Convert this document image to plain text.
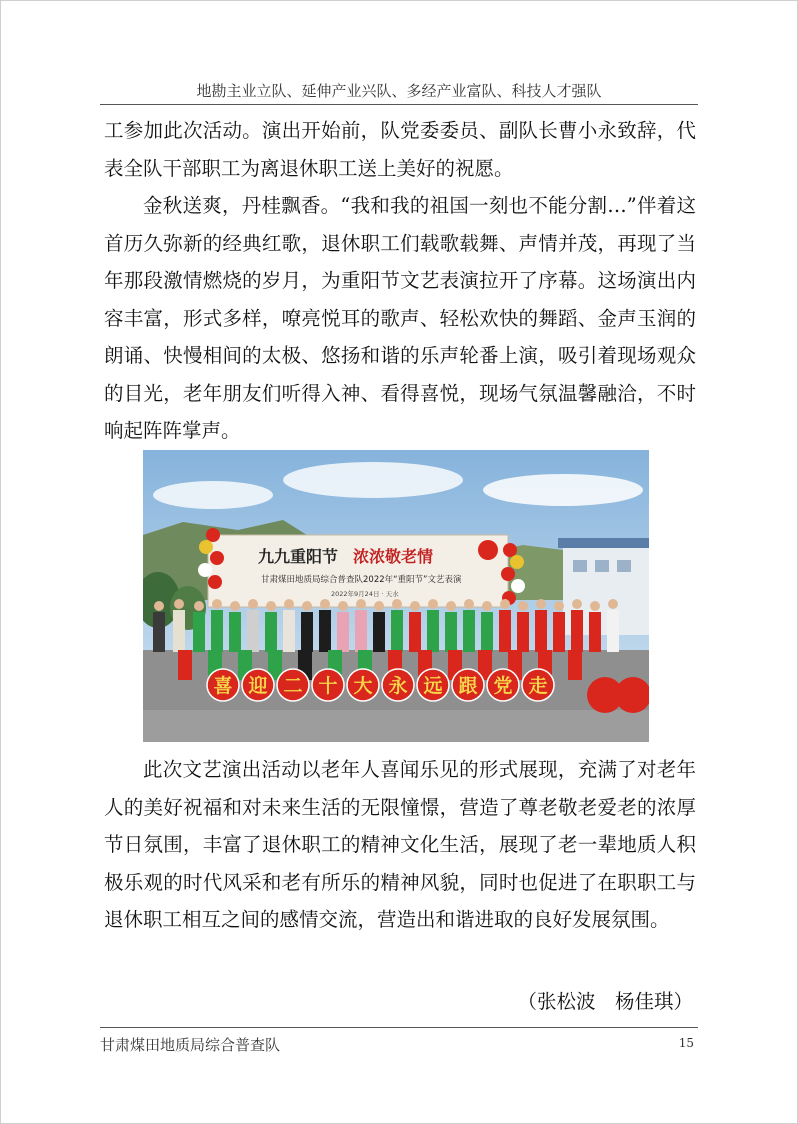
地勘主业立队、延伸产业兴队、多经产业富队、科技人才强队

工参加此次活动。演出开始前，队党委委员、副队长曹小永致辞，代表全队干部职工为离退休职工送上美好的祝愿。

金秋送爽，丹桂飘香。“我和我的祖国一刻也不能分割…”伴着这首历久弥新的经典红歌，退休职工们载歌载舞、声情并茂，再现了当年那段激情燃烧的岁月，为重阳节文艺表演拉开了序幕。这场演出内容丰富，形式多样，嘹亮悦耳的歌声、轻松欢快的舞蹈、金声玉润的朗诵、快慢相间的太极、悠扬和谐的乐声轮番上演，吸引着现场观众的目光，老年朋友们听得入神、看得喜悦，现场气氛温馨融洽，不时响起阵阵掌声。

九九重阳节 浓浓敬老情
甘肃煤田地质局综合普查队2022年“重阳节”文艺表演
2022年9月24日 · 天水
喜 迎 二 十 大 永 远 跟 党 走

此次文艺演出活动以老年人喜闻乐见的形式展现，充满了对老年人的美好祝福和对未来生活的无限憧憬，营造了尊老敬老爱老的浓厚节日氛围，丰富了退休职工的精神文化生活，展现了老一辈地质人积极乐观的时代风采和老有所乐的精神风貌，同时也促进了在职职工与退休职工相互之间的感情交流，营造出和谐进取的良好发展氛围。

（张松波　杨佳琪）
甘肃煤田地质局综合普查队	15
